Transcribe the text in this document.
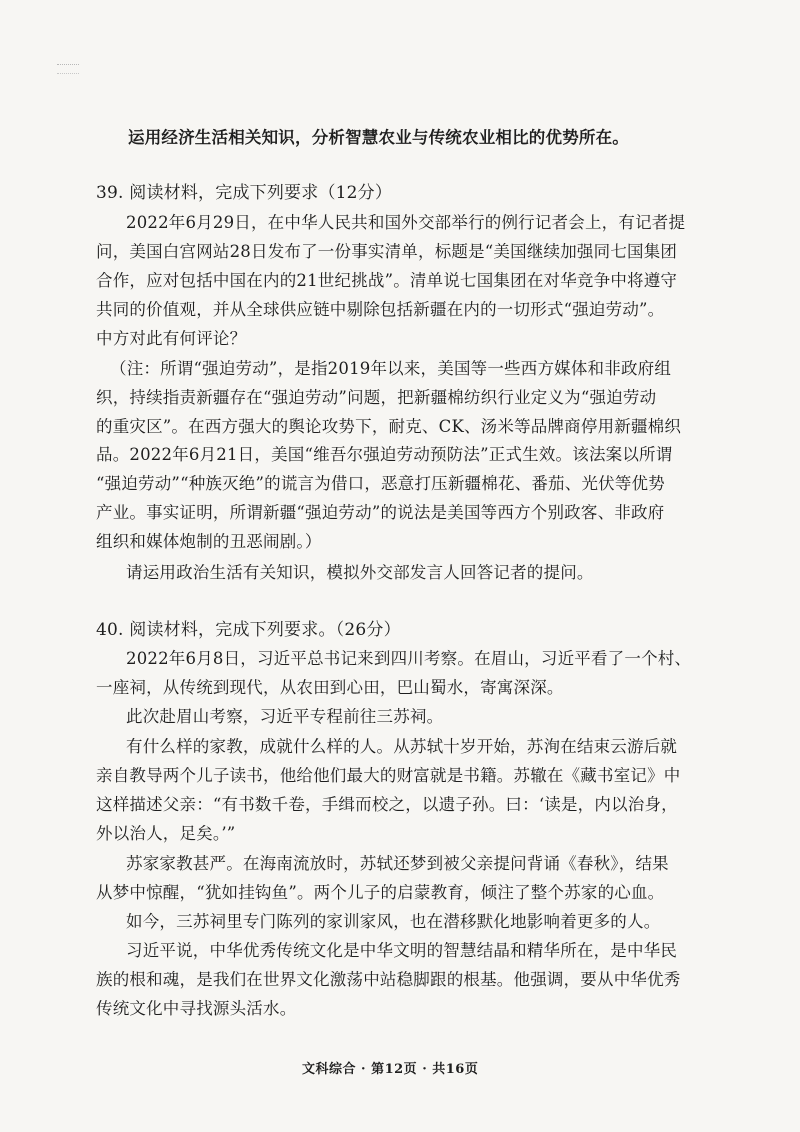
运用经济生活相关知识，分析智慧农业与传统农业相比的优势所在。
39. 阅读材料，完成下列要求（12分）
2022年6月29日，在中华人民共和国外交部举行的例行记者会上，有记者提
问，美国白宫网站28日发布了一份事实清单，标题是“美国继续加强同七国集团
合作，应对包括中国在内的21世纪挑战”。清单说七国集团在对华竞争中将遵守
共同的价值观，并从全球供应链中剔除包括新疆在内的一切形式“强迫劳动”。
中方对此有何评论？
（注：所谓“强迫劳动”，是指2019年以来，美国等一些西方媒体和非政府组
织，持续指责新疆存在“强迫劳动”问题，把新疆棉纺织行业定义为“强迫劳动
的重灾区”。在西方强大的舆论攻势下，耐克、CK、汤米等品牌商停用新疆棉织
品。2022年6月21日，美国“维吾尔强迫劳动预防法”正式生效。该法案以所谓
“强迫劳动”“种族灭绝”的谎言为借口，恶意打压新疆棉花、番茄、光伏等优势
产业。事实证明，所谓新疆“强迫劳动”的说法是美国等西方个别政客、非政府
组织和媒体炮制的丑恶闹剧。）
请运用政治生活有关知识，模拟外交部发言人回答记者的提问。
40. 阅读材料，完成下列要求。（26分）
2022年6月8日，习近平总书记来到四川考察。在眉山，习近平看了一个村、
一座祠，从传统到现代，从农田到心田，巴山蜀水，寄寓深深。
此次赴眉山考察，习近平专程前往三苏祠。
有什么样的家教，成就什么样的人。从苏轼十岁开始，苏洵在结束云游后就
亲自教导两个儿子读书，他给他们最大的财富就是书籍。苏辙在《藏书室记》中
这样描述父亲：“有书数千卷，手缉而校之，以遗子孙。曰：‘读是，内以治身，
外以治人，足矣。’”
苏家家教甚严。在海南流放时，苏轼还梦到被父亲提问背诵《春秋》，结果
从梦中惊醒，“犹如挂钩鱼”。两个儿子的启蒙教育，倾注了整个苏家的心血。
如今，三苏祠里专门陈列的家训家风，也在潜移默化地影响着更多的人。
习近平说，中华优秀传统文化是中华文明的智慧结晶和精华所在，是中华民
族的根和魂，是我们在世界文化激荡中站稳脚跟的根基。他强调，要从中华优秀
传统文化中寻找源头活水。
文科综合 · 第12页 · 共16页
